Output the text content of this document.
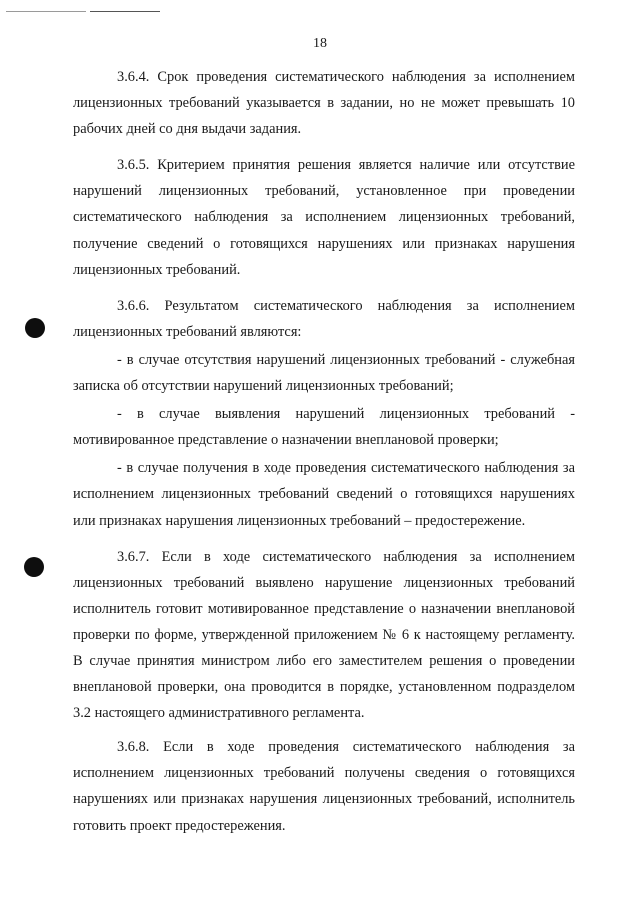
18

3.6.4. Срок проведения систематического наблюдения за исполнением лицензионных требований указывается в задании, но не может превышать 10 рабочих дней со дня выдачи задания.

3.6.5. Критерием принятия решения является наличие или отсутствие нарушений лицензионных требований, установленное при проведении систематического наблюдения за исполнением лицензионных требований, получение сведений о готовящихся нарушениях или признаках нарушения лицензионных требований.

3.6.6. Результатом систематического наблюдения за исполнением лицензионных требований являются:

- в случае отсутствия нарушений лицензионных требований - служебная записка об отсутствии нарушений лицензионных требований;

- в случае выявления нарушений лицензионных требований - мотивированное представление о назначении внеплановой проверки;

- в случае получения в ходе проведения систематического наблюдения за исполнением лицензионных требований сведений о готовящихся нарушениях или признаках нарушения лицензионных требований – предостережение.

3.6.7. Если в ходе систематического наблюдения за исполнением лицензионных требований выявлено нарушение лицензионных требований исполнитель готовит мотивированное представление о назначении внеплановой проверки по форме, утвержденной приложением № 6 к настоящему регламенту. В случае принятия министром либо его заместителем решения о проведении внеплановой проверки, она проводится в порядке, установленном подразделом 3.2 настоящего административного регламента.

3.6.8. Если в ходе проведения систематического наблюдения за исполнением лицензионных требований получены сведения о готовящихся нарушениях или признаках нарушения лицензионных требований, исполнитель готовить проект предостережения.
